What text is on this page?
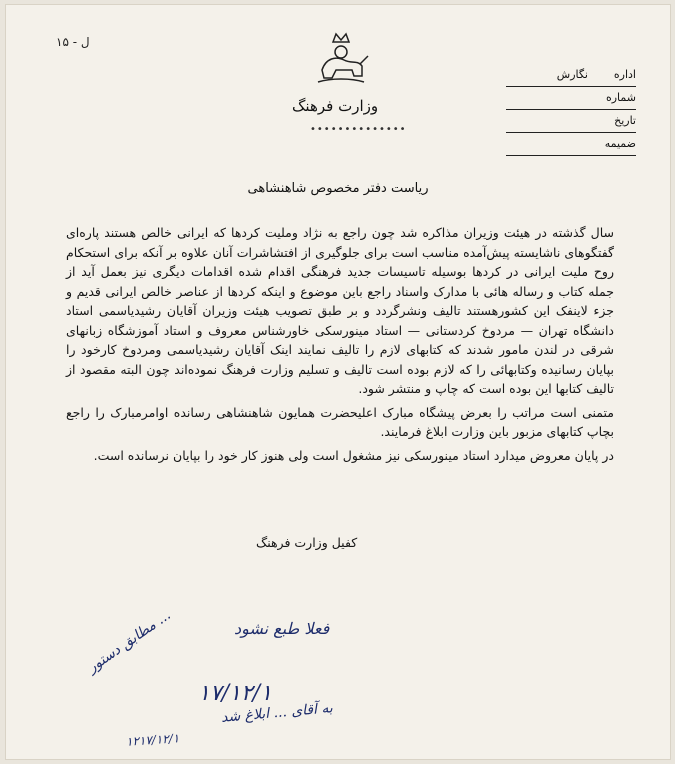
ل - ۱۵
وزارت فرهنگ
••••••••••••••
اداره
نگارش
شماره
تاریخ
ضمیمه
ریاست دفتر مخصوص شاهنشاهی

سال گذشته در هیئت وزیران مذاکره شد چون راجع به نژاد وملیت کردها که ایرانی خالص هستند پاره‌ای گفتگوهای ناشایسته پیش‌آمده مناسب است برای جلوگیری از افتشاشرات آنان علاوه بر آنکه برای استحکام روح ملیت ایرانی در کردها بوسیله تاسیسات جدید فرهنگی اقدام شده اقدامات دیگری نیز بعمل آید از جمله کتاب و رساله هائی با مدارک واسناد راجع باین موضوع و اینکه کردها از عناصر خالص ایرانی قدیم و جزء لاینفک این کشورهستند تالیف ونشرگردد و بر طبق تصویب هیئت وزیران آقایان رشیدیاسمی استاد دانشگاه تهران — مردوخ کردستانی — استاد مینورسکی خاورشناس معروف و استاد آموزشگاه زبانهای شرقی در لندن مامور شدند که کتابهای لازم را تالیف نمایند اینک آقایان رشیدیاسمی ومردوخ کارخود را بپایان رسانیده وکتابهائی را که لازم بوده است تالیف و تسلیم وزارت فرهنگ نموده‌اند چون البته مقصود از تالیف کتابها این بوده است که چاپ و منتشر شود.

متمنی است مراتب را بعرض پیشگاه مبارک اعلیحضرت همایون شاهنشاهی رسانده اوامرمبارک را راجع بچاپ کتابهای مزبور باین وزارت ابلاغ فرمایند.

در پایان معروض میدارد استاد مینورسکی نیز مشغول است ولی هنوز کار خود را بپایان نرسانده است.

کفیل وزارت فرهنگ
فعلا طبع نشود
مطابق دستور ...
۱۷/۱۲/۱
به آقای ... ابلاغ شد
۱۲۱۷/۱۲/۱
